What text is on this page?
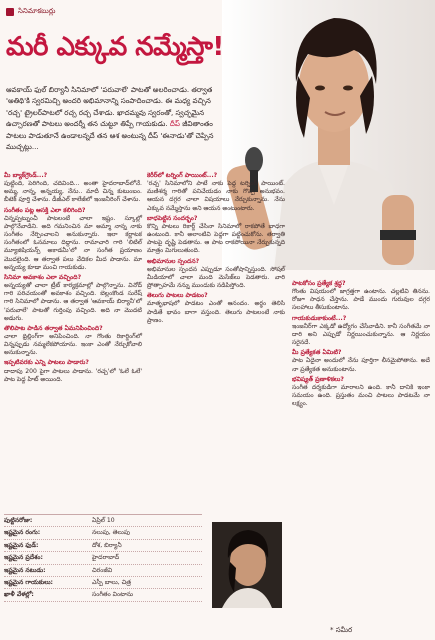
సినిమాకబుర్లు
మరీ ఎక్కువ నమ్మేస్తా!
ఆవకాయ్ ఫుల్ బిర్యానీ సినిమాలో 'పరువాలే' పాటతో అలరించాడు. తర్వాత 'అతిథి'కి స్వరమిచ్చి అందరి అభిమానాన్ని సంపాదించాడు. ఈ మధ్య వచ్చిన 'రచ్చ' ట్రైలర్‌పాటలో రచ్చ రచ్చ చేశాడు. ఖాదమ్మవు స్వరంతో, స్వచ్ఛమైన ఉచ్చారణతో పాటలు అందర్నీ తన చుట్టూ తిప్పే గాయకుడు. దీప్ జీవితాంతం పాటలు పాడుతూనే ఉండాలన్నదే తన ఆశ అంటున్న దీప్ 'ఈనాడు'తో చెప్పిన ముచ్చట్లు...
మీ బ్యాక్‌గ్రౌండ్...?
పుట్టింది, పెరిగింది, చదివింది... అంతా హైదరాబాద్‌లోనే. అమ్మ, నాన్న, అన్నయ్య, నేను.. మాదీ చిన్న కుటుంబం. బీటెక్ పూర్తి చేశాను. డీజీఎల్ కాలేజీలో ఇంజనీరింగ్ చేశాను.
సంగీతం పట్ల ఆసక్తి ఎలా కలిగింది?
చిన్నప్పట్నుంచీ పాటలంటే చాలా ఇష్టం. స్కూల్లో పాల్గొనేవాడిని. అది గమనించిన మా అమ్మా నాన్న నాకు సంగీతం నేర్పించాలని అనుకున్నారు. ఇలా కర్ణాటక సంగీతంలో ఓనమాలు దిద్దాను. రామాచారి గారి 'లిటిల్ మ్యూజిషియన్స్ అకాడమీ'లో నా సంగీత ప్రయాణం మొదలైంది. ఆ తర్వాత పలు వేదికల మీద పాడాను. మా అన్నయ్య కూడా మంచి గాయకుడు.
సినిమా అవకాశం ఎలా వచ్చింది?
అన్నయ్యతో చాలా ట్రీట్ కార్యక్రమాల్లో పాల్గొన్నాను. వినోద్ గారి పరిచయంతో అవకాశం వచ్చింది. బెల్లంకొండ సురేష్ గారి సినిమాలో పాడాను. ఆ తర్వాత 'ఆవకాయ్ బిర్యానీ'లో 'పరువాలే' పాటతో గుర్తింపు వచ్చింది. అది నా మొదటి అడుగు.
తొలిపాట పాడిన తర్వాత ఏమనిపించింది?
చాలా థ్రిల్లింగ్‌గా అనిపించింది. నా గొంతు రికార్డింగ్‌లో విన్నప్పుడు నమ్మలేకపోయాను. ఇంకా ఎంతో నేర్చుకోవాలి అనుకున్నాను.
ఇప్పటివరకు ఎన్ని పాటలు పాడారు?
దాదాపు 200 పైగా పాటలు పాడాను. 'రచ్చ'లో 'ఓలే ఓలే' పాట పెద్ద హిట్ అయింది.
కెరీర్‌లో టర్నింగ్ పాయింట్...?
'రచ్చ' సినిమాలోని పాటే నాకు పెద్ద టర్నింగ్ పాయింట్. మణిశర్మ గారితో పనిచేయడం నాకు గొప్ప అనుభవం. ఆయన దగ్గర చాలా విషయాలు నేర్చుకున్నాను. నేను ఎక్కువ నమ్మేస్తాను అని ఆయన అంటుంటారు.
బాధపెట్టిన సందర్భం?
కొన్ని పాటలు రికార్డ్ చేసినా సినిమాలో రాకపోతే బాధగా ఉంటుంది. కానీ అలాంటివి పెద్దగా పట్టించుకోను. తర్వాతి పాటపై దృష్టి పెడతాను. ఆ పాట రాకపోయినా నేర్చుకున్నది మాత్రం మిగులుతుంది.
అభిమానుల స్పందన?
అభిమానుల స్పందన ఎప్పుడూ సంతోషాన్నిస్తుంది. సోషల్ మీడియాలో చాలా మంది మెసేజ్‌లు పెడతారు. వారి ప్రోత్సాహమే నన్ను ముందుకు నడిపిస్తోంది.
తెలుగు పాటలు పాడటం?
మాతృభాషలో పాడటం ఎంతో ఆనందం. అర్థం తెలిసి పాడితే భావం బాగా వస్తుంది. తెలుగు పాటలంటే నాకు ప్రాణం.
పాటకోసం ప్రత్యేక శ్రద్ధ?
గొంతు విషయంలో జాగ్రత్తగా ఉంటాను. చల్లటివి తినను. రోజూ సాధన చేస్తాను. పాడే ముందు గురువుల దగ్గర సలహాలు తీసుకుంటాను.
గాయకుడుకాకుంటే...?
ఇంజనీర్‌గా ఎక్కడో ఉద్యోగం చేసేవాడిని. కానీ సంగీతమే నా దారి అని ఎప్పుడో నిర్ణయించుకున్నాను. ఆ నిర్ణయం సరైనదే.
మీ ప్రత్యేకత ఏమిటి?
పాట ఏదైనా అందులో నేను పూర్తిగా లీనమైపోతాను. అదే నా ప్రత్యేకత అనుకుంటాను.
భవిష్యత్ ప్రణాళికలు?
సంగీత దర్శకుడిగా మారాలని ఉంది. కానీ దానికి ఇంకా సమయం ఉంది. ప్రస్తుతం మంచి పాటలు పాడటమే నా లక్ష్యం.
పుట్టినరోజు:	ఏప్రిల్ 10
ఇష్టమైన రంగు:	నలుపు, తెలుపు
ఇష్టమైన ఫుడ్:	దోశ, బిర్యానీ
ఇష్టమైన ప్రదేశం:	హైదరాబాద్
ఇష్టమైన నటుడు:	చిరంజీవి
ఇష్టమైన గాయకులు:	ఎస్పీ బాలు, చిత్ర
ఖాళీ వేళల్లో:	సంగీతం వింటాను
* సమీర
